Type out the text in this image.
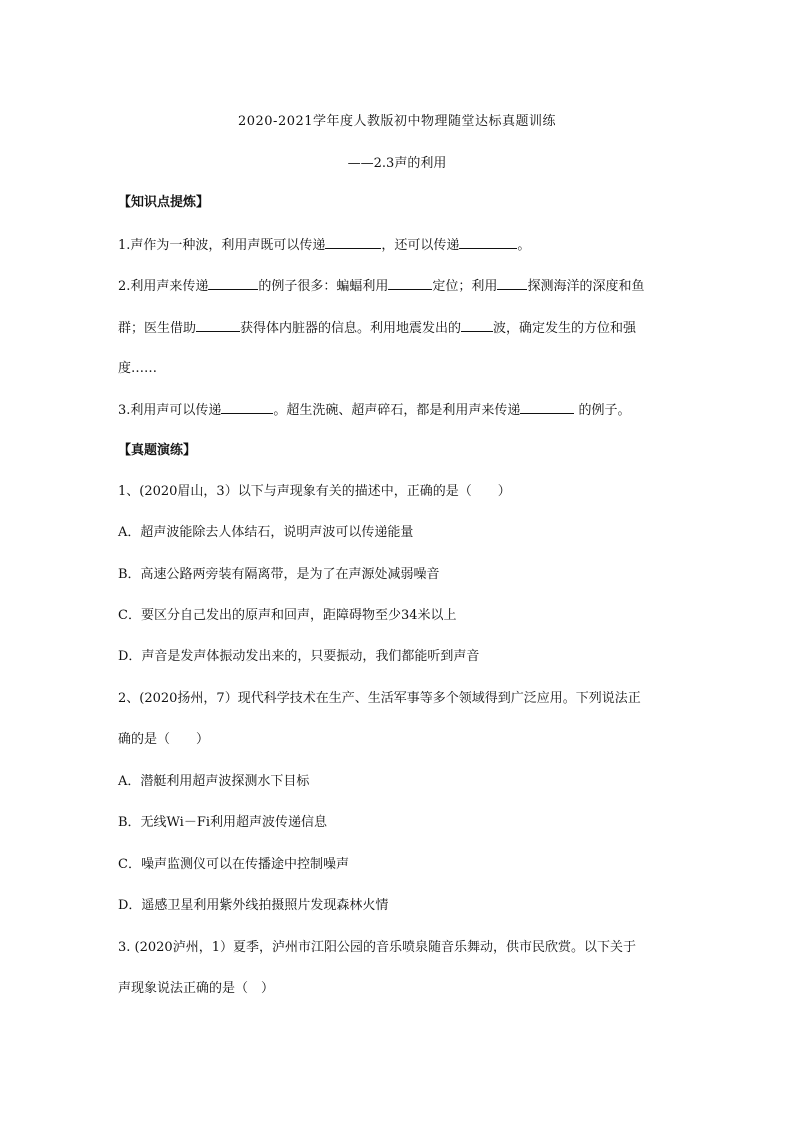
2020-2021学年度人教版初中物理随堂达标真题训练
——2.3声的利用
【知识点提炼】
1.声作为一种波，利用声既可以传递	，还可以传递	。
2.利用声来传递	的例子很多：蝙蝠利用	定位；利用 探测海洋的深度和鱼
群；医生借助	获得体内脏器的信息。利用地震发出的 波，确定发生的方位和强
度……
3.利用声可以传递	。超生洗碗、超声碎石，都是利用声来传递	的例子。
【真题演练】
1、(2020眉山，3）以下与声现象有关的描述中，正确的是（　　）
A．超声波能除去人体结石，说明声波可以传递能量
B．高速公路两旁装有隔离带，是为了在声源处减弱噪音
C．要区分自己发出的原声和回声，距障碍物至少34米以上
D．声音是发声体振动发出来的，只要振动，我们都能听到声音
2、(2020扬州，7）现代科学技术在生产、生活军事等多个领域得到广泛应用。下列说法正
确的是（　　）
A．潜艇利用超声波探测水下目标
B．无线Wi－Fi利用超声波传递信息
C．噪声监测仪可以在传播途中控制噪声
D．遥感卫星利用紫外线拍摄照片发现森林火情
3. (2020泸州，1）夏季，泸州市江阳公园的音乐喷泉随音乐舞动，供市民欣赏。以下关于
声现象说法正确的是（　）
